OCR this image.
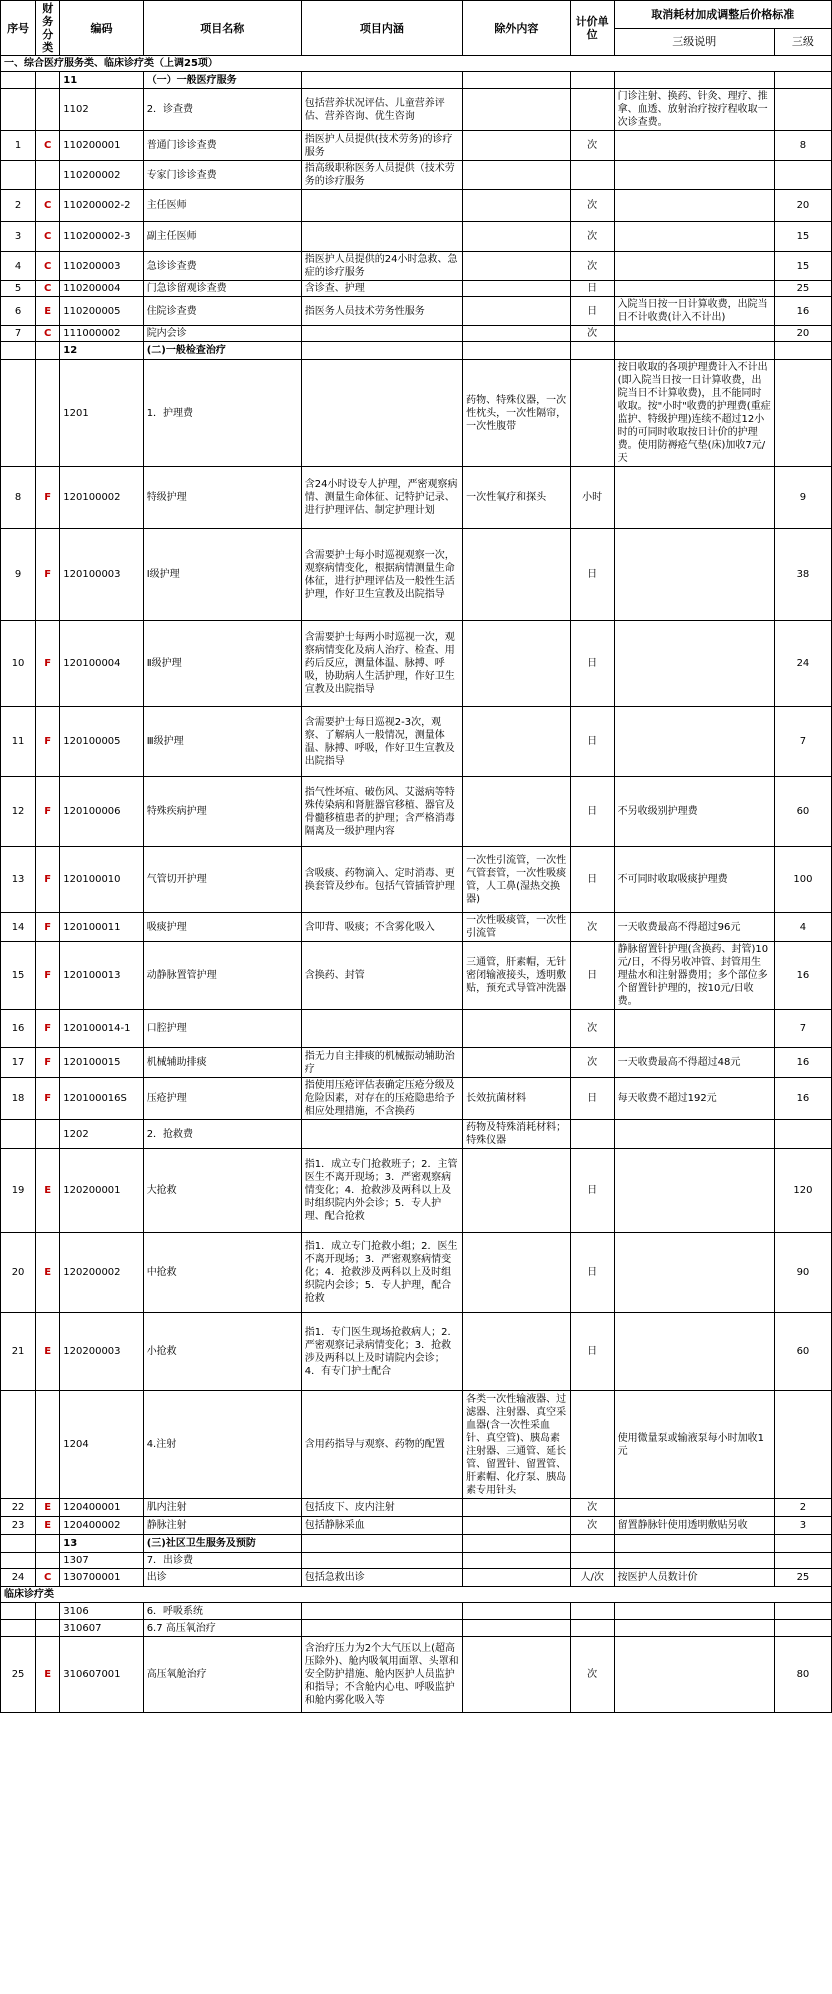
序号	财务分类	编码	项目名称	项目内涵	除外内容	计价单位	取消耗材加成调整后价格标准	
							三级说明	三级
一、综合医疗服务类、临床诊疗类（上调25项）								
		11	（一）一般医疗服务					
		1102	2．诊查费	包括营养状况评估、儿童营养评估、营养咨询、优生咨询			门诊注射、换药、针灸、理疗、推拿、血透、放射治疗按疗程收取一次诊查费。	
1	C	110200001	普通门诊诊查费	指医护人员提供(技术劳务)的诊疗服务		次		8
		110200002	专家门诊诊查费	指高级职称医务人员提供（技术劳务的诊疗服务				
2	C	110200002-2	主任医师			次		20
3	C	110200002-3	副主任医师			次		15
4	C	110200003	急诊诊查费	指医护人员提供的24小时急救、急症的诊疗服务		次		15
5	C	110200004	门急诊留观诊查费	含诊查、护理		日		25
6	E	110200005	住院诊查费	指医务人员技术劳务性服务		日	入院当日按一日计算收费，出院当日不计收费(计入不计出)	16
7	C	111000002	院内会诊			次		20
		12	(二)一般检查治疗					
		1201	1．护理费		药物、特殊仪器，一次性枕头，一次性隔帘，一次性腹带		按日收取的各项护理费计入不计出(即入院当日按一日计算收费，出院当日不计算收费)，且不能同时收取。按"小时"收费的护理费(重症监护、特级护理)连续不超过12小时的可同时收取按日计价的护理费。使用防褥疮气垫(床)加收7元/天	
8	F	120100002	特级护理	含24小时设专人护理，严密观察病情、测量生命体征、记特护记录、进行护理评估、制定护理计划	一次性氧疗和探头	小时		9
9	F	120100003	Ⅰ级护理	含需要护士每小时巡视观察一次，观察病情变化，根据病情测量生命体征，进行护理评估及一般性生活护理，作好卫生宣教及出院指导		日		38
10	F	120100004	Ⅱ级护理	含需要护士每两小时巡视一次，观察病情变化及病人治疗、检查、用药后反应，测量体温、脉搏、呼吸，协助病人生活护理，作好卫生宣教及出院指导		日		24
11	F	120100005	Ⅲ级护理	含需要护士每日巡视2-3次，观察、了解病人一般情况，测量体温、脉搏、呼吸，作好卫生宣教及出院指导		日		7
12	F	120100006	特殊疾病护理	指气性坏疽、破伤风、艾滋病等特殊传染病和肾脏器官移植、器官及骨髓移植患者的护理；含严格消毒隔离及一级护理内容		日	不另收级别护理费	60
13	F	120100010	气管切开护理	含吸痰、药物滴入、定时消毒、更换套管及纱布。包括气管插管护理	一次性引流管，一次性气管套管，一次性吸痰管，人工鼻(湿热交换器)	日	不可同时收取吸痰护理费	100
14	F	120100011	吸痰护理	含叩背、吸痰；不含雾化吸入	一次性吸痰管，一次性引流管	次	一天收费最高不得超过96元	4
15	F	120100013	动静脉置管护理	含换药、封管	三通管，肝素帽，无针密闭输液接头，透明敷贴，预充式导管冲洗器	日	静脉留置针护理(含换药、封管)10元/日，不得另收冲管、封管用生理盐水和注射器费用；多个部位多个留置针护理的，按10元/日收费。	16
16	F	120100014-1	口腔护理			次		7
17	F	120100015	机械辅助排痰	指无力自主排痰的机械振动辅助治疗		次	一天收费最高不得超过48元	16
18	F	120100016S	压疮护理	指使用压疮评估表确定压疮分级及危险因素，对存在的压疮隐患给予相应处理措施，不含换药	长效抗菌材料	日	每天收费不超过192元	16
		1202	2．抢救费		药物及特殊消耗材料；特殊仪器			
19	E	120200001	大抢救	指1．成立专门抢救班子；2．主管医生不离开现场；3．严密观察病情变化；4．抢救涉及两科以上及时组织院内外会诊；5．专人护理、配合抢救		日		120
20	E	120200002	中抢救	指1．成立专门抢救小组；2．医生不离开现场；3．严密观察病情变化；4．抢救涉及两科以上及时组织院内会诊；5．专人护理，配合抢救		日		90
21	E	120200003	小抢救	指1．专门医生现场抢救病人；2．严密观察记录病情变化；3．抢救涉及两科以上及时请院内会诊；4．有专门护士配合		日		60
		1204	4.注射	含用药指导与观察、药物的配置	各类一次性输液器、过滤器、注射器、真空采血器(含一次性采血针、真空管)、胰岛素注射器、三通管、延长管、留置针、留置管、肝素帽、化疗泵、胰岛素专用针头		使用微量泵或输液泵每小时加收1元	
22	E	120400001	肌内注射	包括皮下、皮内注射		次		2
23	E	120400002	静脉注射	包括静脉采血		次	留置静脉针使用透明敷贴另收	3
		13	(三)社区卫生服务及预防					
		1307	7．出诊费					
24	C	130700001	出诊	包括急救出诊		人/次	按医护人员数计价	25
临床诊疗类								
		3106	6．呼吸系统					
		310607	6.7 高压氧治疗					
25	E	310607001	高压氧舱治疗	含治疗压力为2个大气压以上(超高压除外)、舱内吸氧用面罩、头罩和安全防护措施、舱内医护人员监护和指导；不含舱内心电、呼吸监护和舱内雾化吸入等		次		80
